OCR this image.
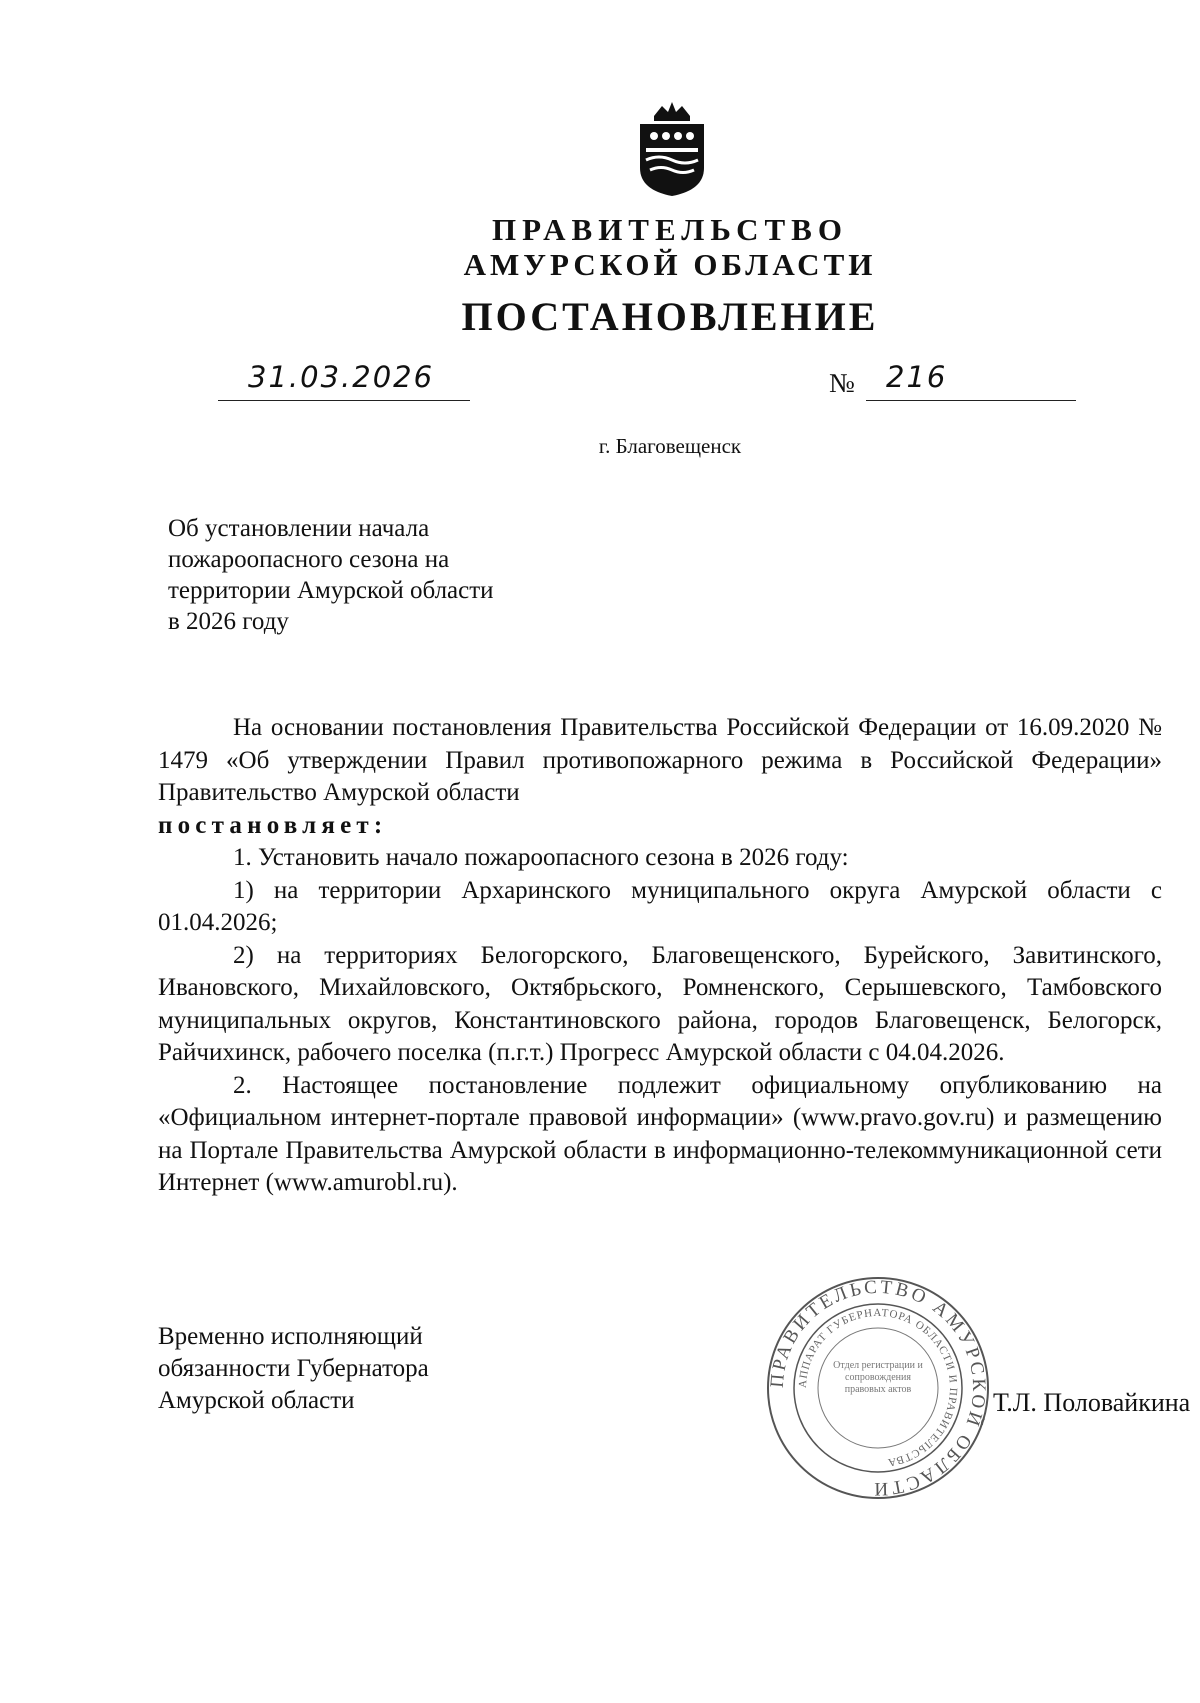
ПРАВИТЕЛЬСТВО
АМУРСКОЙ ОБЛАСТИ
ПОСТАНОВЛЕНИЕ
31.03.2026	№ 216
г. Благовещенск
Об установлении начала
пожароопасного сезона на
территории Амурской области
в 2026 году

На основании постановления Правительства Российской Федерации от 16.09.2020 № 1479 «Об утверждении Правил противопожарного режима в Российской Федерации» Правительство Амурской области

постановляет:

1. Установить начало пожароопасного сезона в 2026 году:

1) на территории Архаринского муниципального округа Амурской области с 01.04.2026;

2) на территориях Белогорского, Благовещенского, Бурейского, Завитинского, Ивановского, Михайловского, Октябрьского, Ромненского, Серышевского, Тамбовского муниципальных округов, Константиновского района, городов Благовещенск, Белогорск, Райчихинск, рабочего поселка (п.г.т.) Прогресс Амурской области с 04.04.2026.

2. Настоящее постановление подлежит официальному опубликованию на «Официальном интернет-портале правовой информации» (www.pravo.gov.ru) и размещению на Портале Правительства Амурской области в информационно-телекоммуникационной сети Интернет (www.amurobl.ru).

Временно исполняющий
обязанности Губернатора
Амурской области
ПРАВИТЕЛЬСТВО АМУРСКОЙ ОБЛАСТИ
АППАРАТ ГУБЕРНАТОРА ОБЛАСТИ И ПРАВИТЕЛЬСТВА
Отдел регистрации и сопровождения правовых актов	Т.Л. Половайкина
